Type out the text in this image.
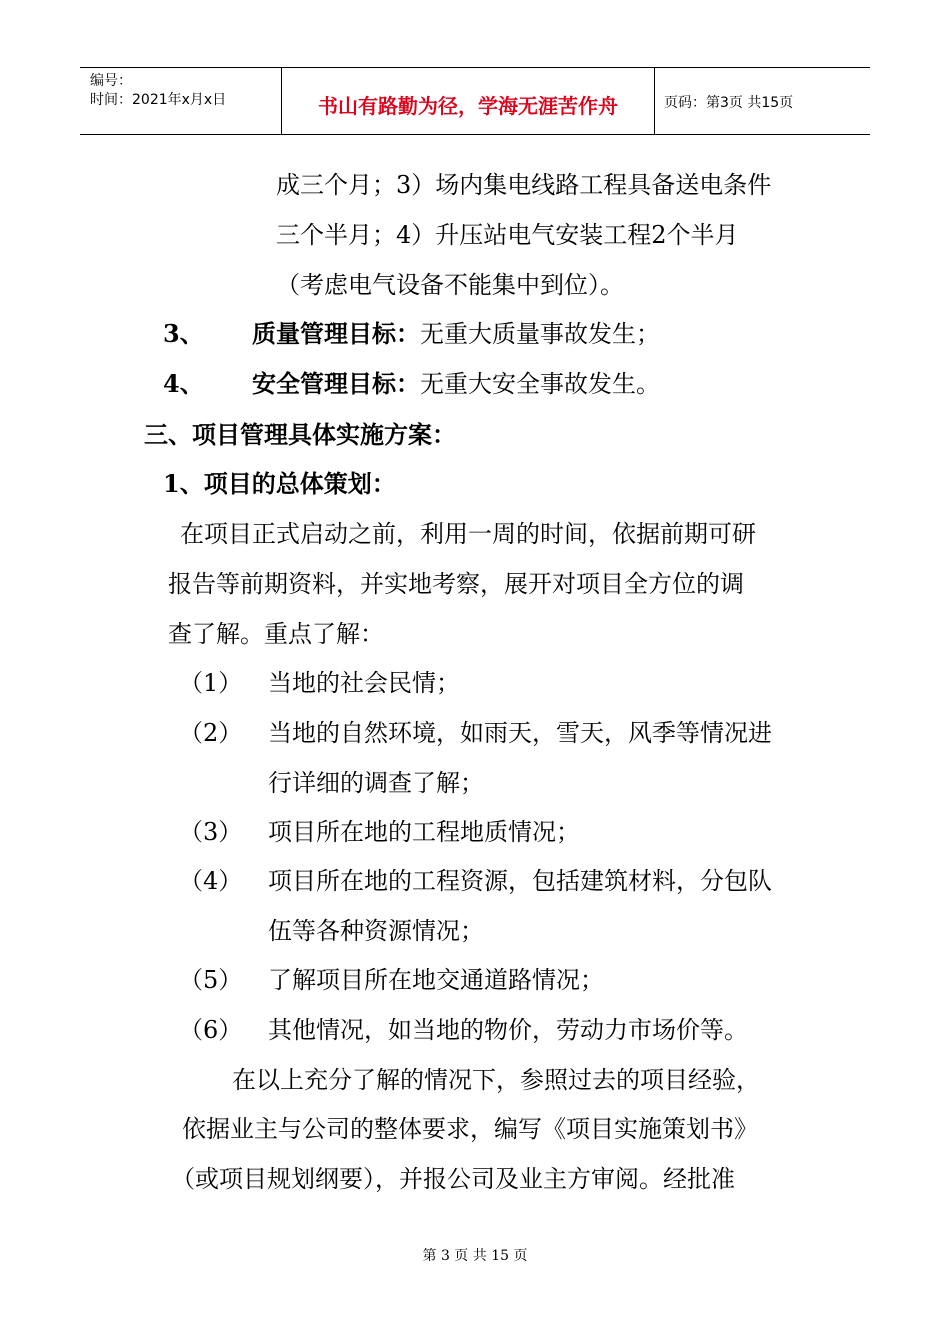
编号：
时间：2021年x月x日	书山有路勤为径，学海无涯苦作舟	页码：第3页 共15页
成三个月；3）场内集电线路工程具备送电条件
三个半月；4）升压站电气安装工程2个半月
（考虑电气设备不能集中到位）。
3、 质量管理目标：无重大质量事故发生；
4、 安全管理目标：无重大安全事故发生。
三、项目管理具体实施方案：
1、项目的总体策划：
在项目正式启动之前，利用一周的时间，依据前期可研
报告等前期资料，并实地考察，展开对项目全方位的调
查了解。重点了解：
（1） 当地的社会民情；
（2） 当地的自然环境，如雨天，雪天，风季等情况进
行详细的调查了解；
（3） 项目所在地的工程地质情况；
（4） 项目所在地的工程资源，包括建筑材料，分包队
伍等各种资源情况；
（5） 了解项目所在地交通道路情况；
（6） 其他情况，如当地的物价，劳动力市场价等。
在以上充分了解的情况下，参照过去的项目经验，
依据业主与公司的整体要求，编写《项目实施策划书》
（或项目规划纲要），并报公司及业主方审阅。经批准
第 3 页 共 15 页
